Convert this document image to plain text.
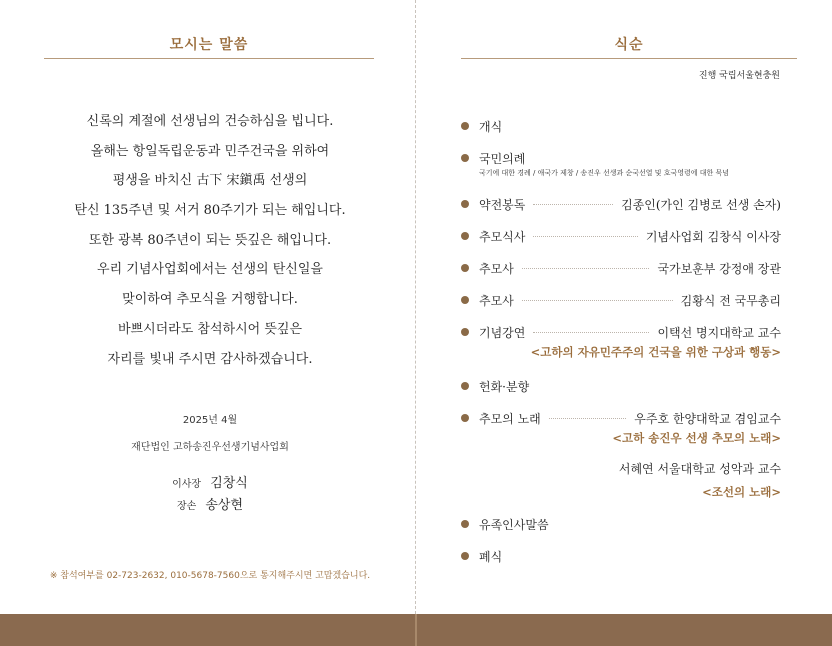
모시는 말씀
신록의 계절에 선생님의 건승하심을 빕니다.
올해는 항일독립운동과 민주건국을 위하여
평생을 바치신 古下 宋鎭禹 선생의
탄신 135주년 및 서거 80주기가 되는 해입니다.
또한 광복 80주년이 되는 뜻깊은 해입니다.
우리 기념사업회에서는 선생의 탄신일을
맞이하여 추모식을 거행합니다.
바쁘시더라도 참석하시어 뜻깊은
자리를 빛내 주시면 감사하겠습니다.
2025년 4월
재단법인 고하송진우선생기념사업회
이사장 김창식
장손 송상현
※ 참석여부를 02-723-2632, 010-5678-7560으로 통지해주시면 고맙겠습니다.
식순
진행 국립서울현충원
개식
국민의례
국기에 대한 경례 / 애국가 제창 / 송진우 선생과 순국선열 및 호국영령에 대한 묵념
약전봉독	김종인(가인 김병로 선생 손자)
추모식사	기념사업회 김창식 이사장
추모사	국가보훈부 강정애 장관
추모사	김황식 전 국무총리
기념강연	이택선 명지대학교 교수
<고하의 자유민주주의 건국을 위한 구상과 행동>
헌화·분향
추모의 노래	우주호 한양대학교 겸임교수
<고하 송진우 선생 추모의 노래>
서혜연 서울대학교 성악과 교수
<조선의 노래>
유족인사말씀
폐식
